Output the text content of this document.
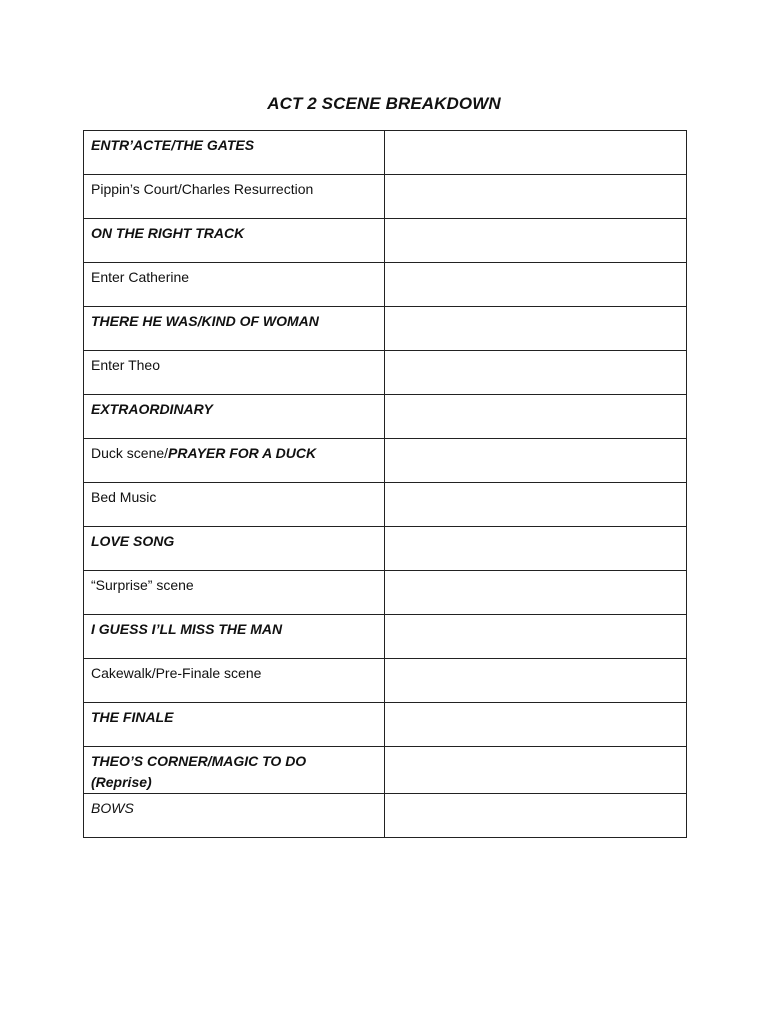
ACT 2 SCENE BREAKDOWN
ENTR’ACTE/THE GATES	
Pippin’s Court/Charles Resurrection	
ON THE RIGHT TRACK	
Enter Catherine	
THERE HE WAS/KIND OF WOMAN	
Enter Theo	
EXTRAORDINARY	
Duck scene/PRAYER FOR A DUCK	
Bed Music	
LOVE SONG	
“Surprise” scene	
I GUESS I’LL MISS THE MAN	
Cakewalk/Pre-Finale scene	
THE FINALE	

THEO’S CORNER/MAGIC TO DO
(Reprise)	

BOWS	
